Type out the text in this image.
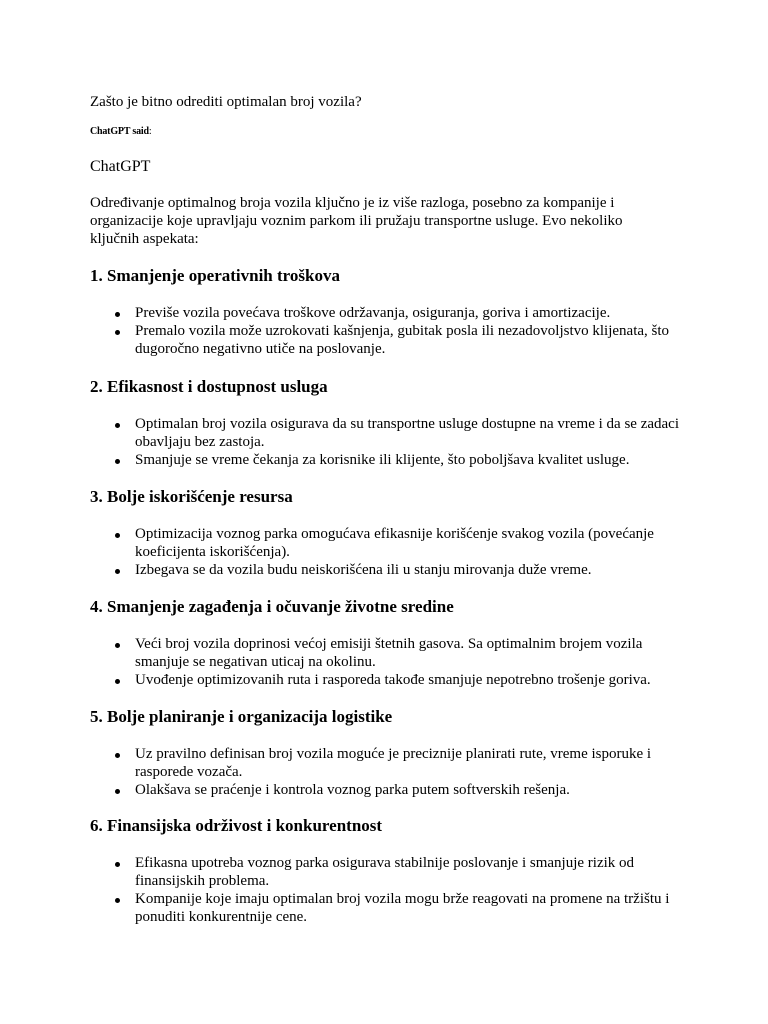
Zašto je bitno odrediti optimalan broj vozila?

ChatGPT said:

ChatGPT

Određivanje optimalnog broja vozila ključno je iz više razloga, posebno za kompanije i organizacije koje upravljaju voznim parkom ili pružaju transportne usluge. Evo nekoliko ključnih aspekata:

1. Smanjenje operativnih troškova
Previše vozila povećava troškove održavanja, osiguranja, goriva i amortizacije.
Premalo vozila može uzrokovati kašnjenja, gubitak posla ili nezadovoljstvo klijenata, što dugoročno negativno utiče na poslovanje.
2. Efikasnost i dostupnost usluga
Optimalan broj vozila osigurava da su transportne usluge dostupne na vreme i da se zadaci obavljaju bez zastoja.
Smanjuje se vreme čekanja za korisnike ili klijente, što poboljšava kvalitet usluge.
3. Bolje iskorišćenje resursa
Optimizacija voznog parka omogućava efikasnije korišćenje svakog vozila (povećanje koeficijenta iskorišćenja).
Izbegava se da vozila budu neiskorišćena ili u stanju mirovanja duže vreme.
4. Smanjenje zagađenja i očuvanje životne sredine
Veći broj vozila doprinosi većoj emisiji štetnih gasova. Sa optimalnim brojem vozila smanjuje se negativan uticaj na okolinu.
Uvođenje optimizovanih ruta i rasporeda takođe smanjuje nepotrebno trošenje goriva.
5. Bolje planiranje i organizacija logistike
Uz pravilno definisan broj vozila moguće je preciznije planirati rute, vreme isporuke i rasporede vozača.
Olakšava se praćenje i kontrola voznog parka putem softverskih rešenja.
6. Finansijska održivost i konkurentnost
Efikasna upotreba voznog parka osigurava stabilnije poslovanje i smanjuje rizik od finansijskih problema.
Kompanije koje imaju optimalan broj vozila mogu brže reagovati na promene na tržištu i ponuditi konkurentnije cene.
